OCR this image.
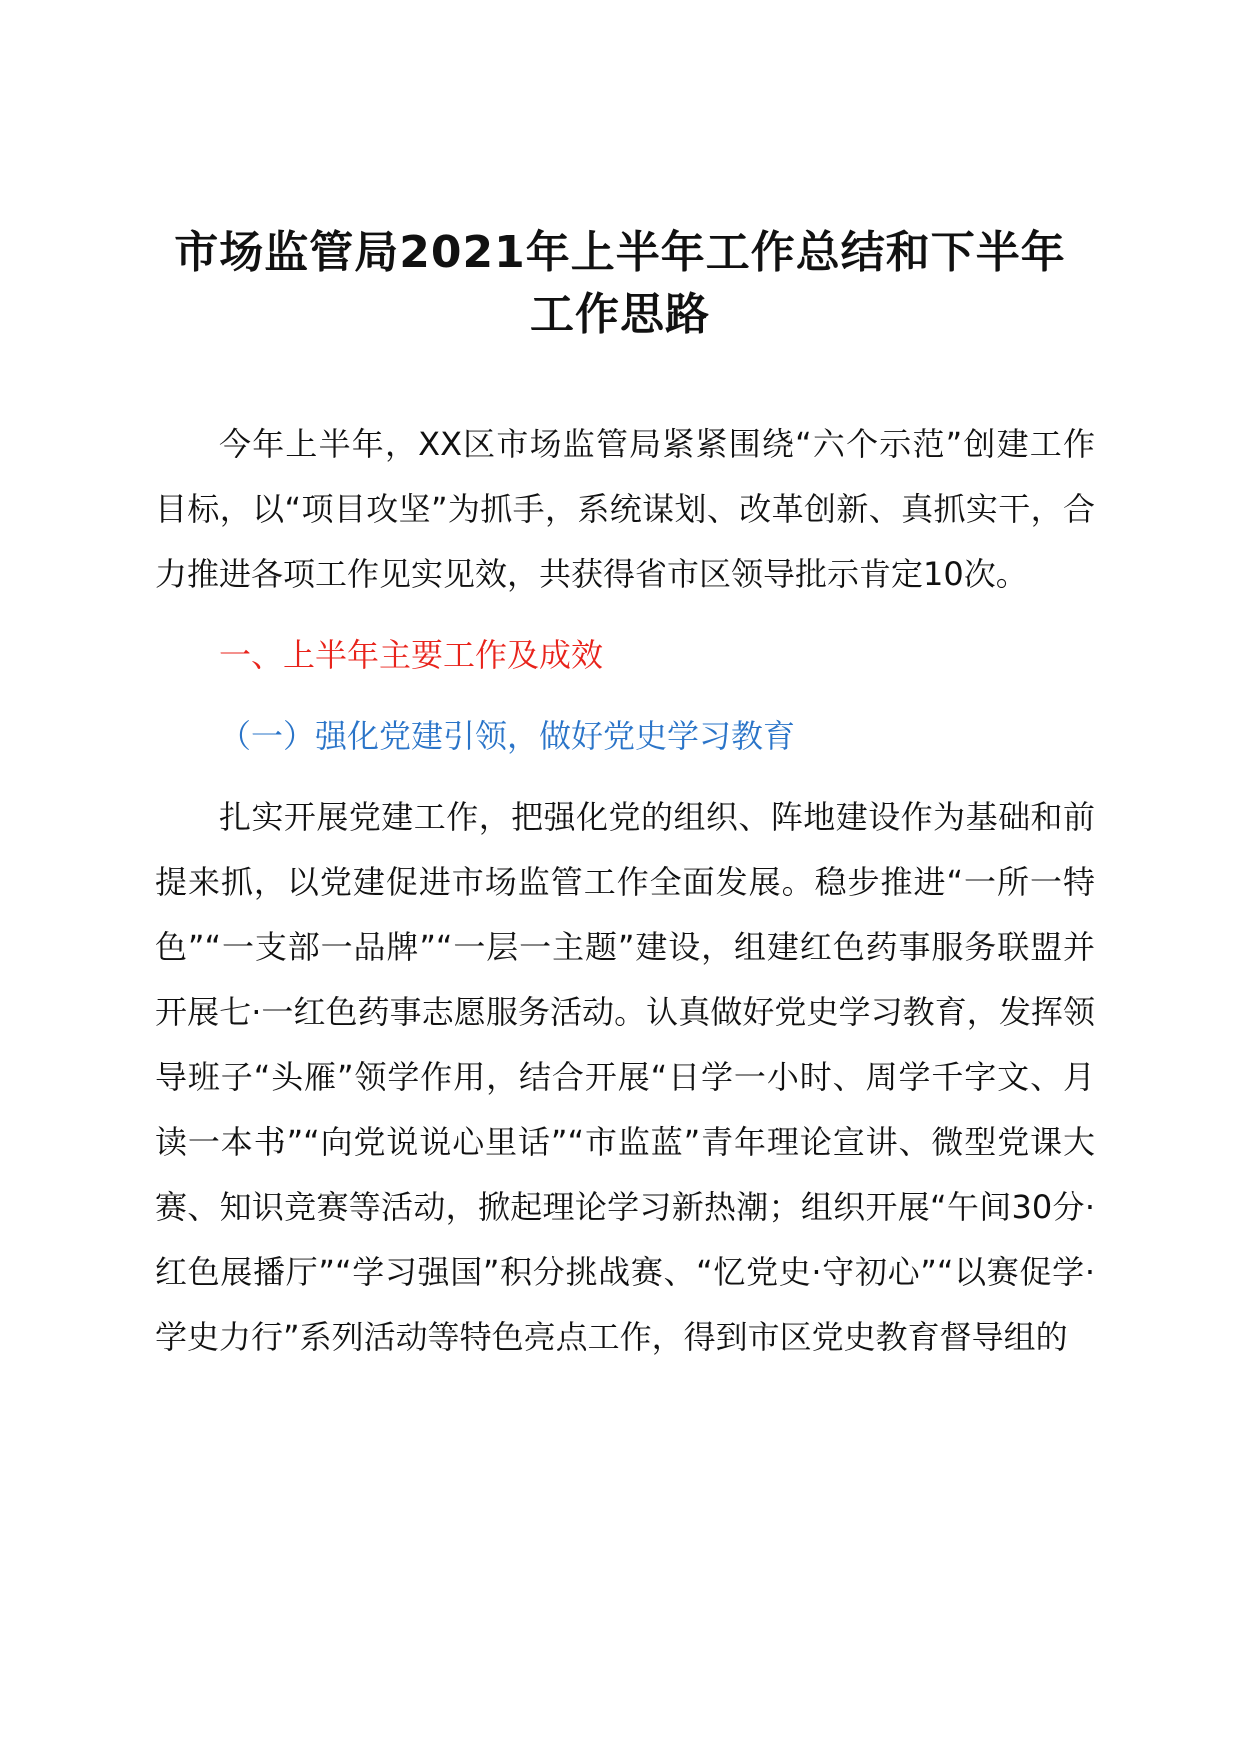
市场监管局2021年上半年工作总结和下半年
工作思路

今年上半年，XX区市场监管局紧紧围绕“六个示范”创建工作目标，以“项目攻坚”为抓手，系统谋划、改革创新、真抓实干，合力推进各项工作见实见效，共获得省市区领导批示肯定10次。

一、上半年主要工作及成效

（一）强化党建引领，做好党史学习教育

扎实开展党建工作，把强化党的组织、阵地建设作为基础和前提来抓，以党建促进市场监管工作全面发展。稳步推进“一所一特色”“一支部一品牌”“一层一主题”建设，组建红色药事服务联盟并开展七·一红色药事志愿服务活动。认真做好党史学习教育，发挥领导班子“头雁”领学作用，结合开展“日学一小时、周学千字文、月读一本书”“向党说说心里话”“市监蓝”青年理论宣讲、微型党课大赛、知识竞赛等活动，掀起理论学习新热潮；组织开展“午间30分·红色展播厅”“学习强国”积分挑战赛、“忆党史·守初心”“以赛促学·学史力行”系列活动等特色亮点工作，得到市区党史教育督导组的
